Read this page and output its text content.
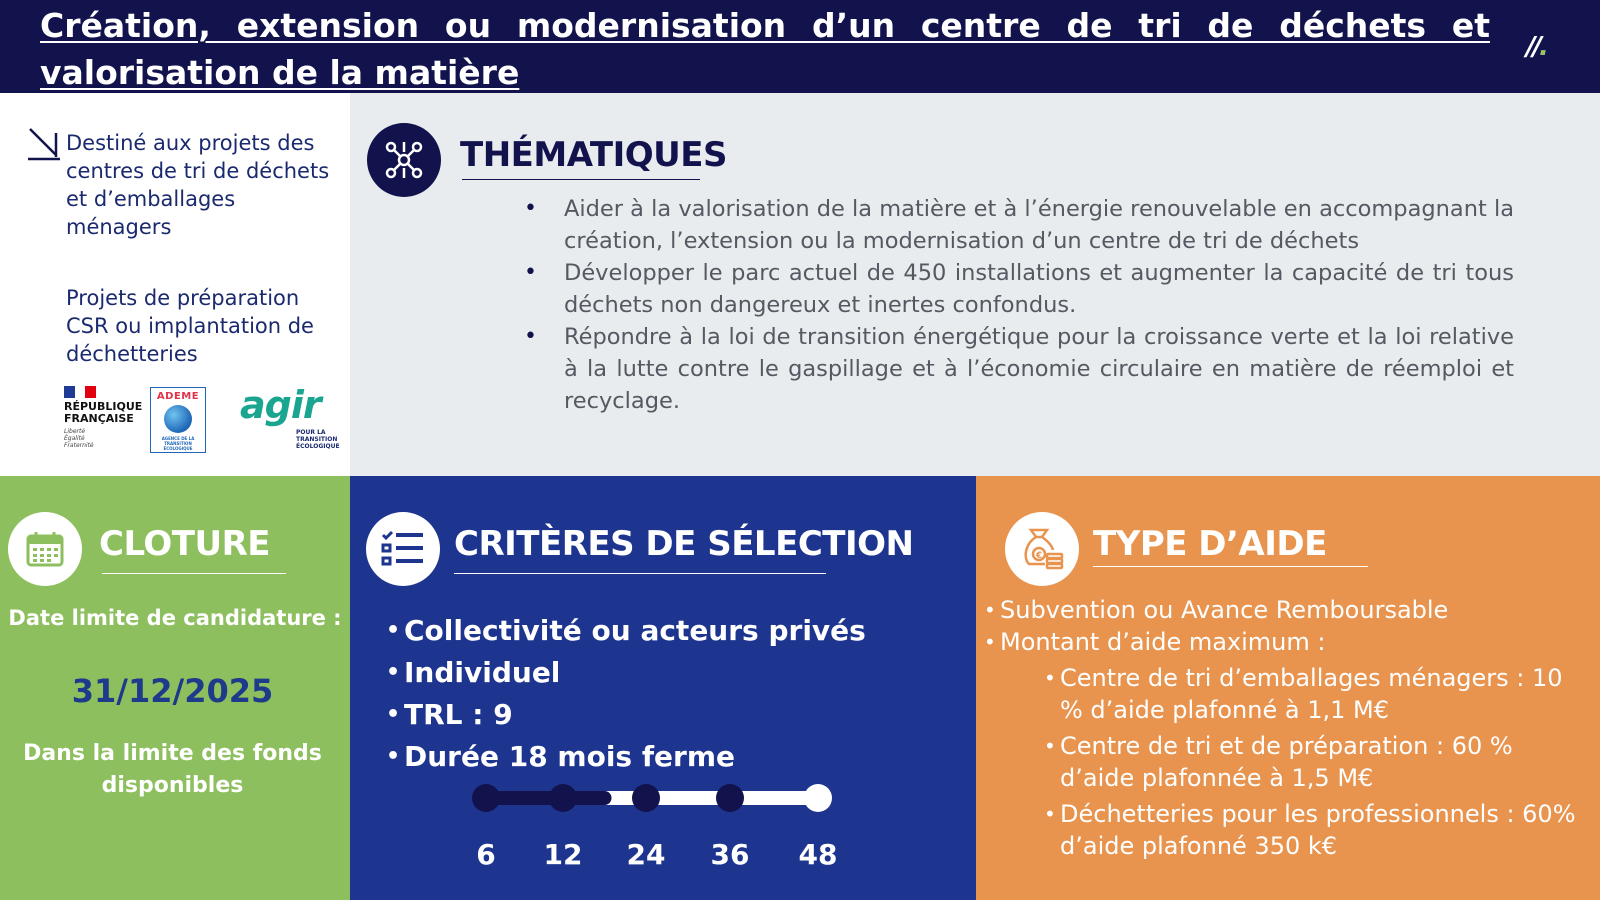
Création, extension ou modernisation d’un centre de tri de déchets et valorisation de la matière
//.

Destiné aux projets des centres de tri de déchets et d’emballages ménagers

Projets de préparation CSR ou implantation de déchetteries

RÉPUBLIQUE
FRANÇAISE
Liberté
Égalité
Fraternité
ADEME
AGENCE DE LA TRANSITION ÉCOLOGIQUE
agir
POUR LA
TRANSITION
ÉCOLOGIQUE
THÉMATIQUES
• Aider à la valorisation de la matière et à l’énergie renouvelable en accompagnant la création, l’extension ou la modernisation d’un centre de tri de déchets
• Développer le parc actuel de 450 installations et augmenter la capacité de tri tous déchets non dangereux et inertes confondus.
• Répondre à la loi de transition énergétique pour la croissance verte et la loi relative à la lutte contre le gaspillage et à l’économie circulaire en matière de réemploi et recyclage.
CLOTURE

Date limite de candidature :

31/12/2025

Dans la limite des fonds disponibles

CRITÈRES DE SÉLECTION
• Collectivité ou acteurs privés
• Individuel
• TRL : 9
• Durée 18 mois ferme
6	12	24	36	48
€ TYPE D’AIDE
• Subvention ou Avance Remboursable
• Montant d’aide maximum :
• Centre de tri d’emballages ménagers : 10 % d’aide plafonné à 1,1 M€
• Centre de tri et de préparation : 60 % d’aide plafonnée à 1,5 M€
• Déchetteries pour les professionnels : 60% d’aide plafonné 350 k€
